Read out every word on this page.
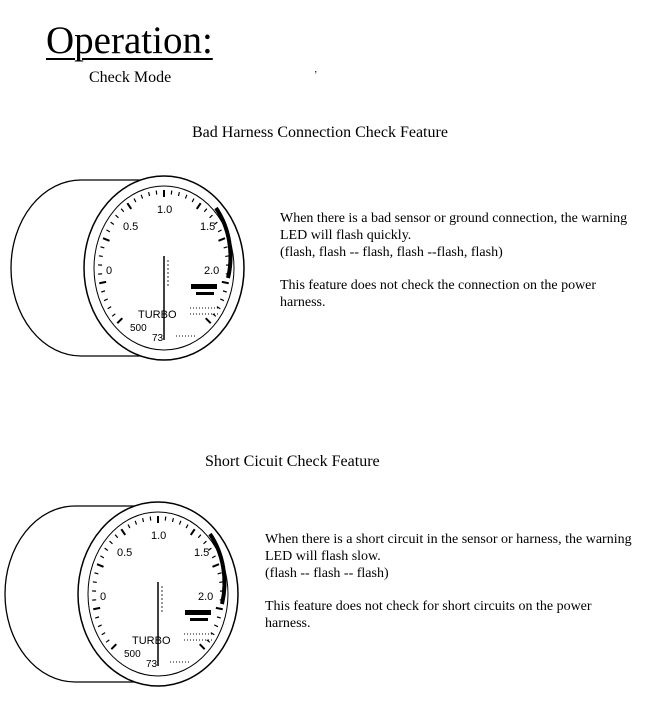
Operation:
Check Mode	’
Bad Harness Connection Check Feature
0.5
1.0
1.5
0	2.0
TURBO
500
73

When there is a bad sensor or ground connection, the warning LED will flash quickly.

(flash, flash -- flash, flash --flash, flash)

This feature does not check the connection on the power harness.

Short Cicuit Check Feature
0.5
1.0
1.5
0	2.0
TURBO
500
73

When there is a short circuit in the sensor or harness, the warning LED will flash slow.

(flash -- flash -- flash)

This feature does not check for short circuits on the power harness.
